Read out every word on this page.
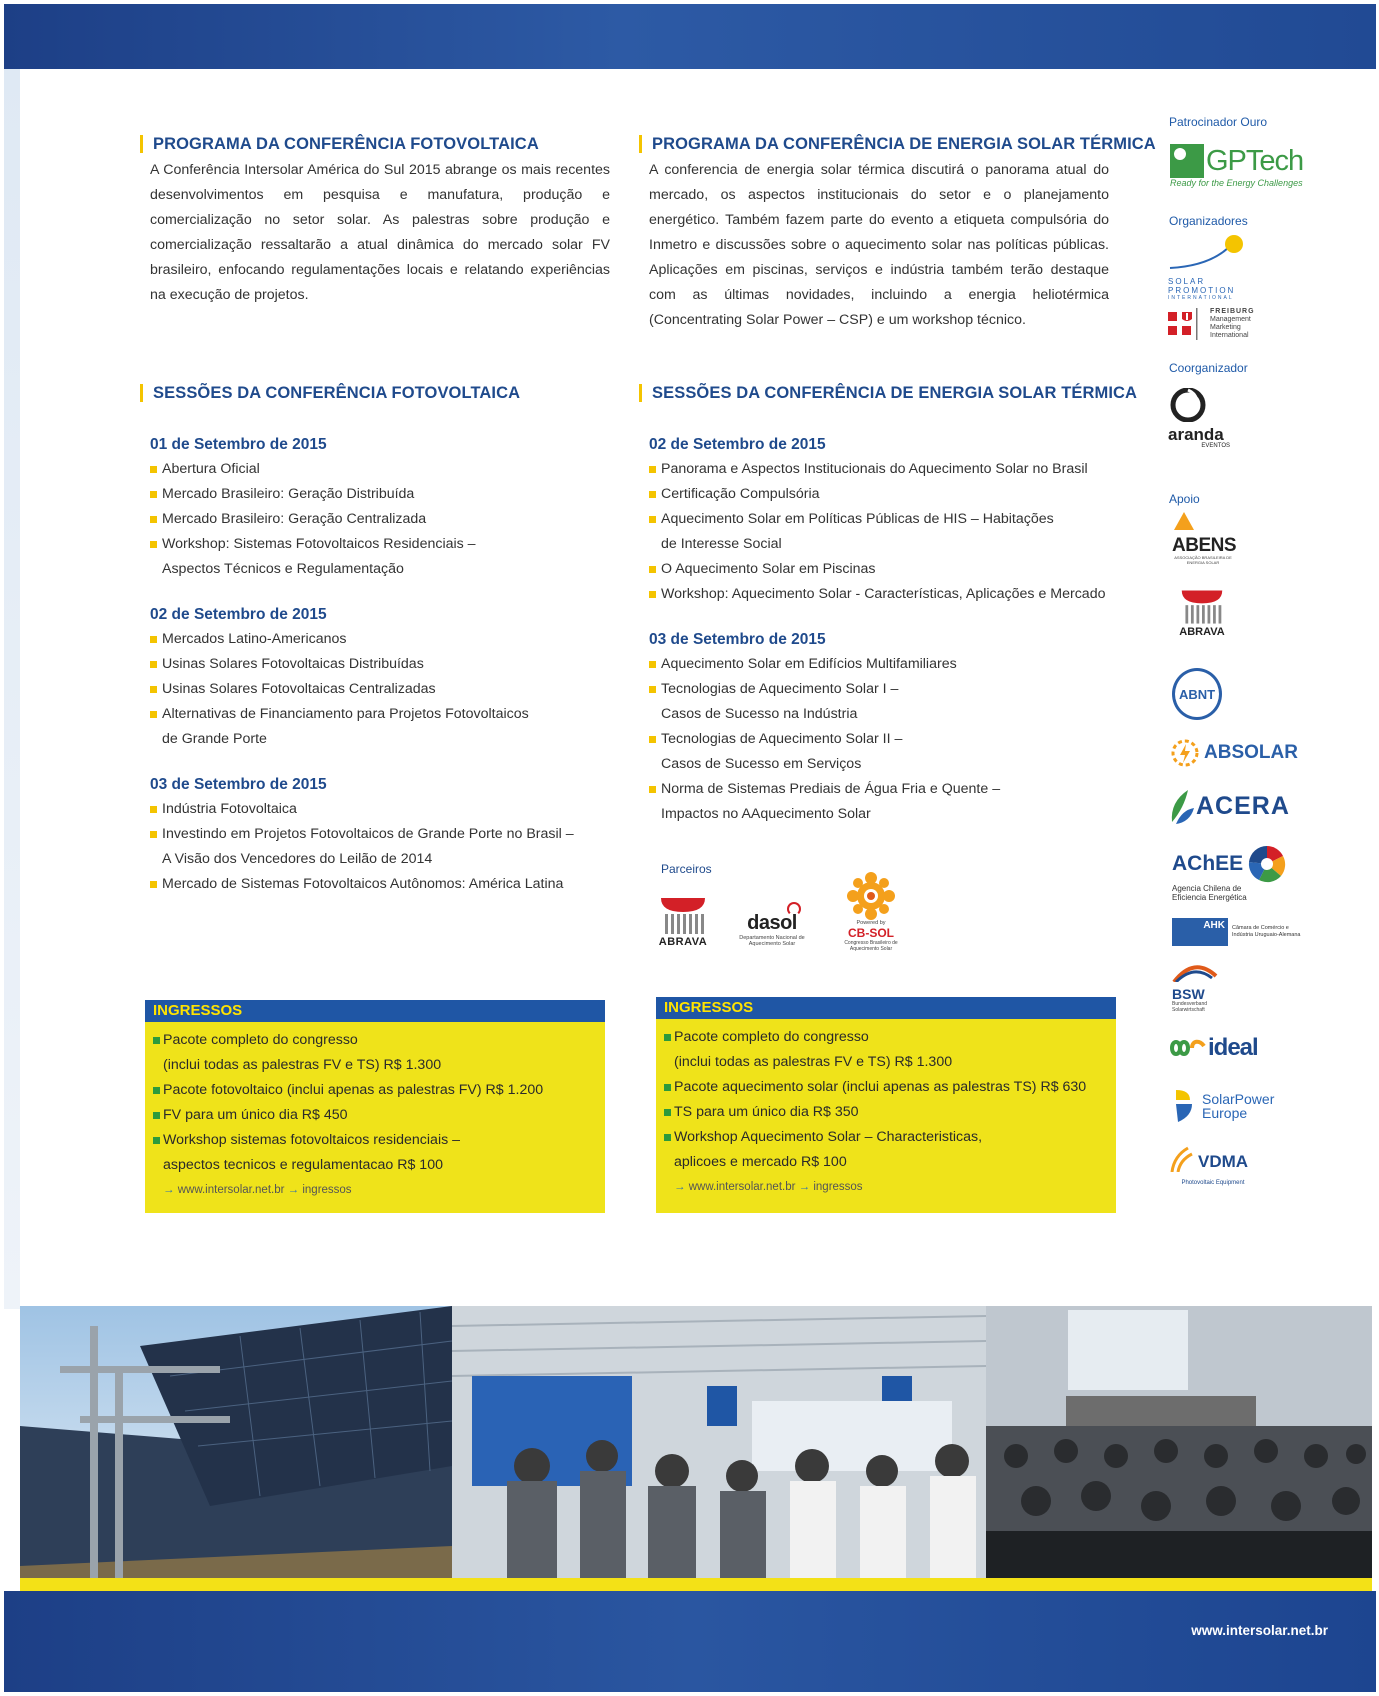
PROGRAMA DA CONFERÊNCIA FOTOVOLTAICA

A Conferência Intersolar América do Sul 2015 abrange os mais recentes desenvolvimentos em pesquisa e manufatura, produção e comercialização no setor solar. As palestras sobre produção e comercialização ressaltarão a atual dinâmica do mercado solar FV brasileiro, enfocando regulamentações locais e relatando experiências na execução de projetos.

PROGRAMA DA CONFERÊNCIA DE ENERGIA SOLAR TÉRMICA

A conferencia de energia solar térmica discutirá o panorama atual do mercado, os aspectos institucionais do setor e o planejamento energético. Também fazem parte do evento a etiqueta compulsória do Inmetro e discussões sobre o aquecimento solar nas políticas públicas. Aplicações em piscinas, serviços e indústria também terão destaque com as últimas novidades, incluindo a energia heliotérmica (Concentrating Solar Power – CSP) e um workshop técnico.

SESSÕES DA CONFERÊNCIA FOTOVOLTAICA	SESSÕES DA CONFERÊNCIA DE ENERGIA SOLAR TÉRMICA
01 de Setembro de 2015
Abertura Oficial
Mercado Brasileiro: Geração Distribuída
Mercado Brasileiro: Geração Centralizada
Workshop: Sistemas Fotovoltaicos Residenciais –
Aspectos Técnicos e Regulamentação
02 de Setembro de 2015
Mercados Latino-Americanos
Usinas Solares Fotovoltaicas Distribuídas
Usinas Solares Fotovoltaicas Centralizadas
Alternativas de Financiamento para Projetos Fotovoltaicos
de Grande Porte
03 de Setembro de 2015
Indústria Fotovoltaica
Investindo em Projetos Fotovoltaicos de Grande Porte no Brasil –
A Visão dos Vencedores do Leilão de 2014
Mercado de Sistemas Fotovoltaicos Autônomos: América Latina
02 de Setembro de 2015
Panorama e Aspectos Institucionais do Aquecimento Solar no Brasil
Certificação Compulsória
Aquecimento Solar em Políticas Públicas de HIS – Habitações
de Interesse Social
O Aquecimento Solar em Piscinas
Workshop: Aquecimento Solar - Características, Aplicações e Mercado
03 de Setembro de 2015
Aquecimento Solar em Edifícios Multifamiliares
Tecnologias de Aquecimento Solar I –
Casos de Sucesso na Indústria
Tecnologias de Aquecimento Solar II –
Casos de Sucesso em Serviços
Norma de Sistemas Prediais de Água Fria e Quente –
Impactos no AAquecimento Solar
Parceiros
ABRAVA
dasol
Departamento Nacional de Aquecimento Solar
Powered by
CB-SOL
Congresso Brasileiro de Aquecimento Solar
INGRESSOS
Pacote completo do congresso
(inclui todas as palestras FV e TS) R$ 1.300
Pacote fotovoltaico (inclui apenas as palestras FV) R$ 1.200
FV para um único dia R$ 450
Workshop sistemas fotovoltaicos residenciais –
aspectos tecnicos e regulamentacao R$ 100
→ www.intersolar.net.br → ingressos
INGRESSOS
Pacote completo do congresso
(inclui todas as palestras FV e TS) R$ 1.300
Pacote aquecimento solar (inclui apenas as palestras TS) R$ 630
TS para um único dia R$ 350
Workshop Aquecimento Solar – Characteristicas,
aplicoes e mercado R$ 100
→ www.intersolar.net.br → ingressos
Patrocinador Ouro
GPTech
Ready for the Energy Challenges
Organizadores
SOLAR PROMOTION
INTERNATIONAL
FREIBURG
Management
Marketing
International
Coorganizador
aranda
EVENTOS
Apoio
ABENS
ASSOCIAÇÃO BRASILEIRA DE ENERGIA SOLAR
ABRAVA
ABNT
ABSOLAR
ACERA
AChEE
Agencia Chilena de Eficiencia Energética
AHK	Câmara de Comércio e Indústria Uruguaio-Alemana
BSW
Bundesverband Solarwirtschaft
ideal
SolarPower
Europe
VDMA
Photovoltaic Equipment
www.intersolar.net.br
